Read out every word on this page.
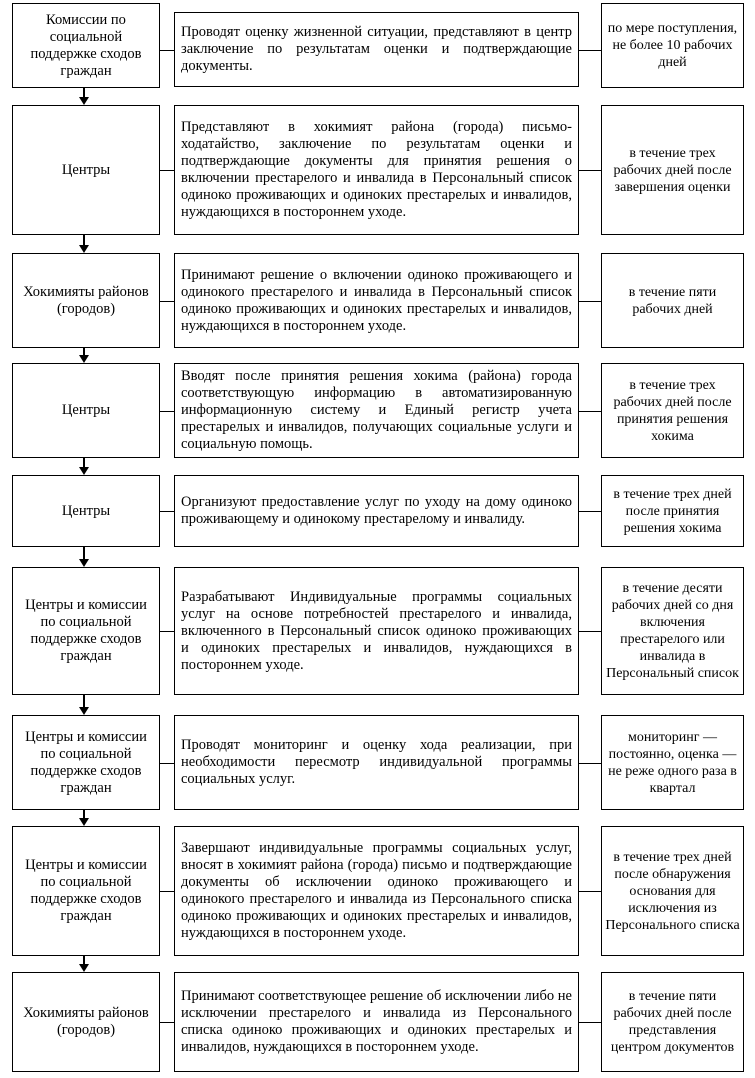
Комиссии по социальной поддержке сходов граждан
Проводят оценку жизненной ситуации, представляют в центр заключение по результатам оценки и подтверждающие документы.
по мере поступления, не более 10 рабочих дней
Центры
Представляют в хокимият района (города) письмо-ходатайство, заключение по результатам оценки и подтверждающие документы для принятия решения о включении престарелого и инвалида в Персональный список одиноко проживающих и одиноких престарелых и инвалидов, нуждающихся в постороннем уходе.
в течение трех рабочих дней после завершения оценки
Хокимияты районов (городов)
Принимают решение о включении одиноко проживающего и одинокого престарелого и инвалида в Персональный список одиноко проживающих и одиноких престарелых и инвалидов, нуждающихся в постороннем уходе.
в течение пяти рабочих дней
Центры
Вводят после принятия решения хокима (района) города соответствующую информацию в автоматизированную информационную систему и Единый регистр учета престарелых и инвалидов, получающих социальные услуги и социальную помощь.
в течение трех рабочих дней после принятия решения хокима
Центры
Организуют предоставление услуг по уходу на дому одиноко проживающему и одинокому престарелому и инвалиду.
в течение трех дней после принятия решения хокима
Центры и комиссии по социальной поддержке сходов граждан
Разрабатывают Индивидуальные программы социальных услуг на основе потребностей престарелого и инвалида, включенного в Персональный список одиноко проживающих и одиноких престарелых и инвалидов, нуждающихся в постороннем уходе.
в течение десяти рабочих дней со дня включения престарелого или инвалида в Персональный список
Центры и комиссии по социальной поддержке сходов граждан
Проводят мониторинг и оценку хода реализации, при необходимости пересмотр индивидуальной программы социальных услуг.
мониторинг — постоянно, оценка — не реже одного раза в квартал
Центры и комиссии по социальной поддержке сходов граждан
Завершают индивидуальные программы социальных услуг, вносят в хокимият района (города) письмо и подтверждающие документы об исключении одиноко проживающего и одинокого престарелого и инвалида из Персонального списка одиноко проживающих и одиноких престарелых и инвалидов, нуждающихся в постороннем уходе.
в течение трех дней после обнаружения основания для исключения из Персонального списка
Хокимияты районов (городов)
Принимают соответствующее решение об исключении либо не исключении престарелого и инвалида из Персонального списка одиноко проживающих и одиноких престарелых и инвалидов, нуждающихся в постороннем уходе.
в течение пяти рабочих дней после представления центром документов
